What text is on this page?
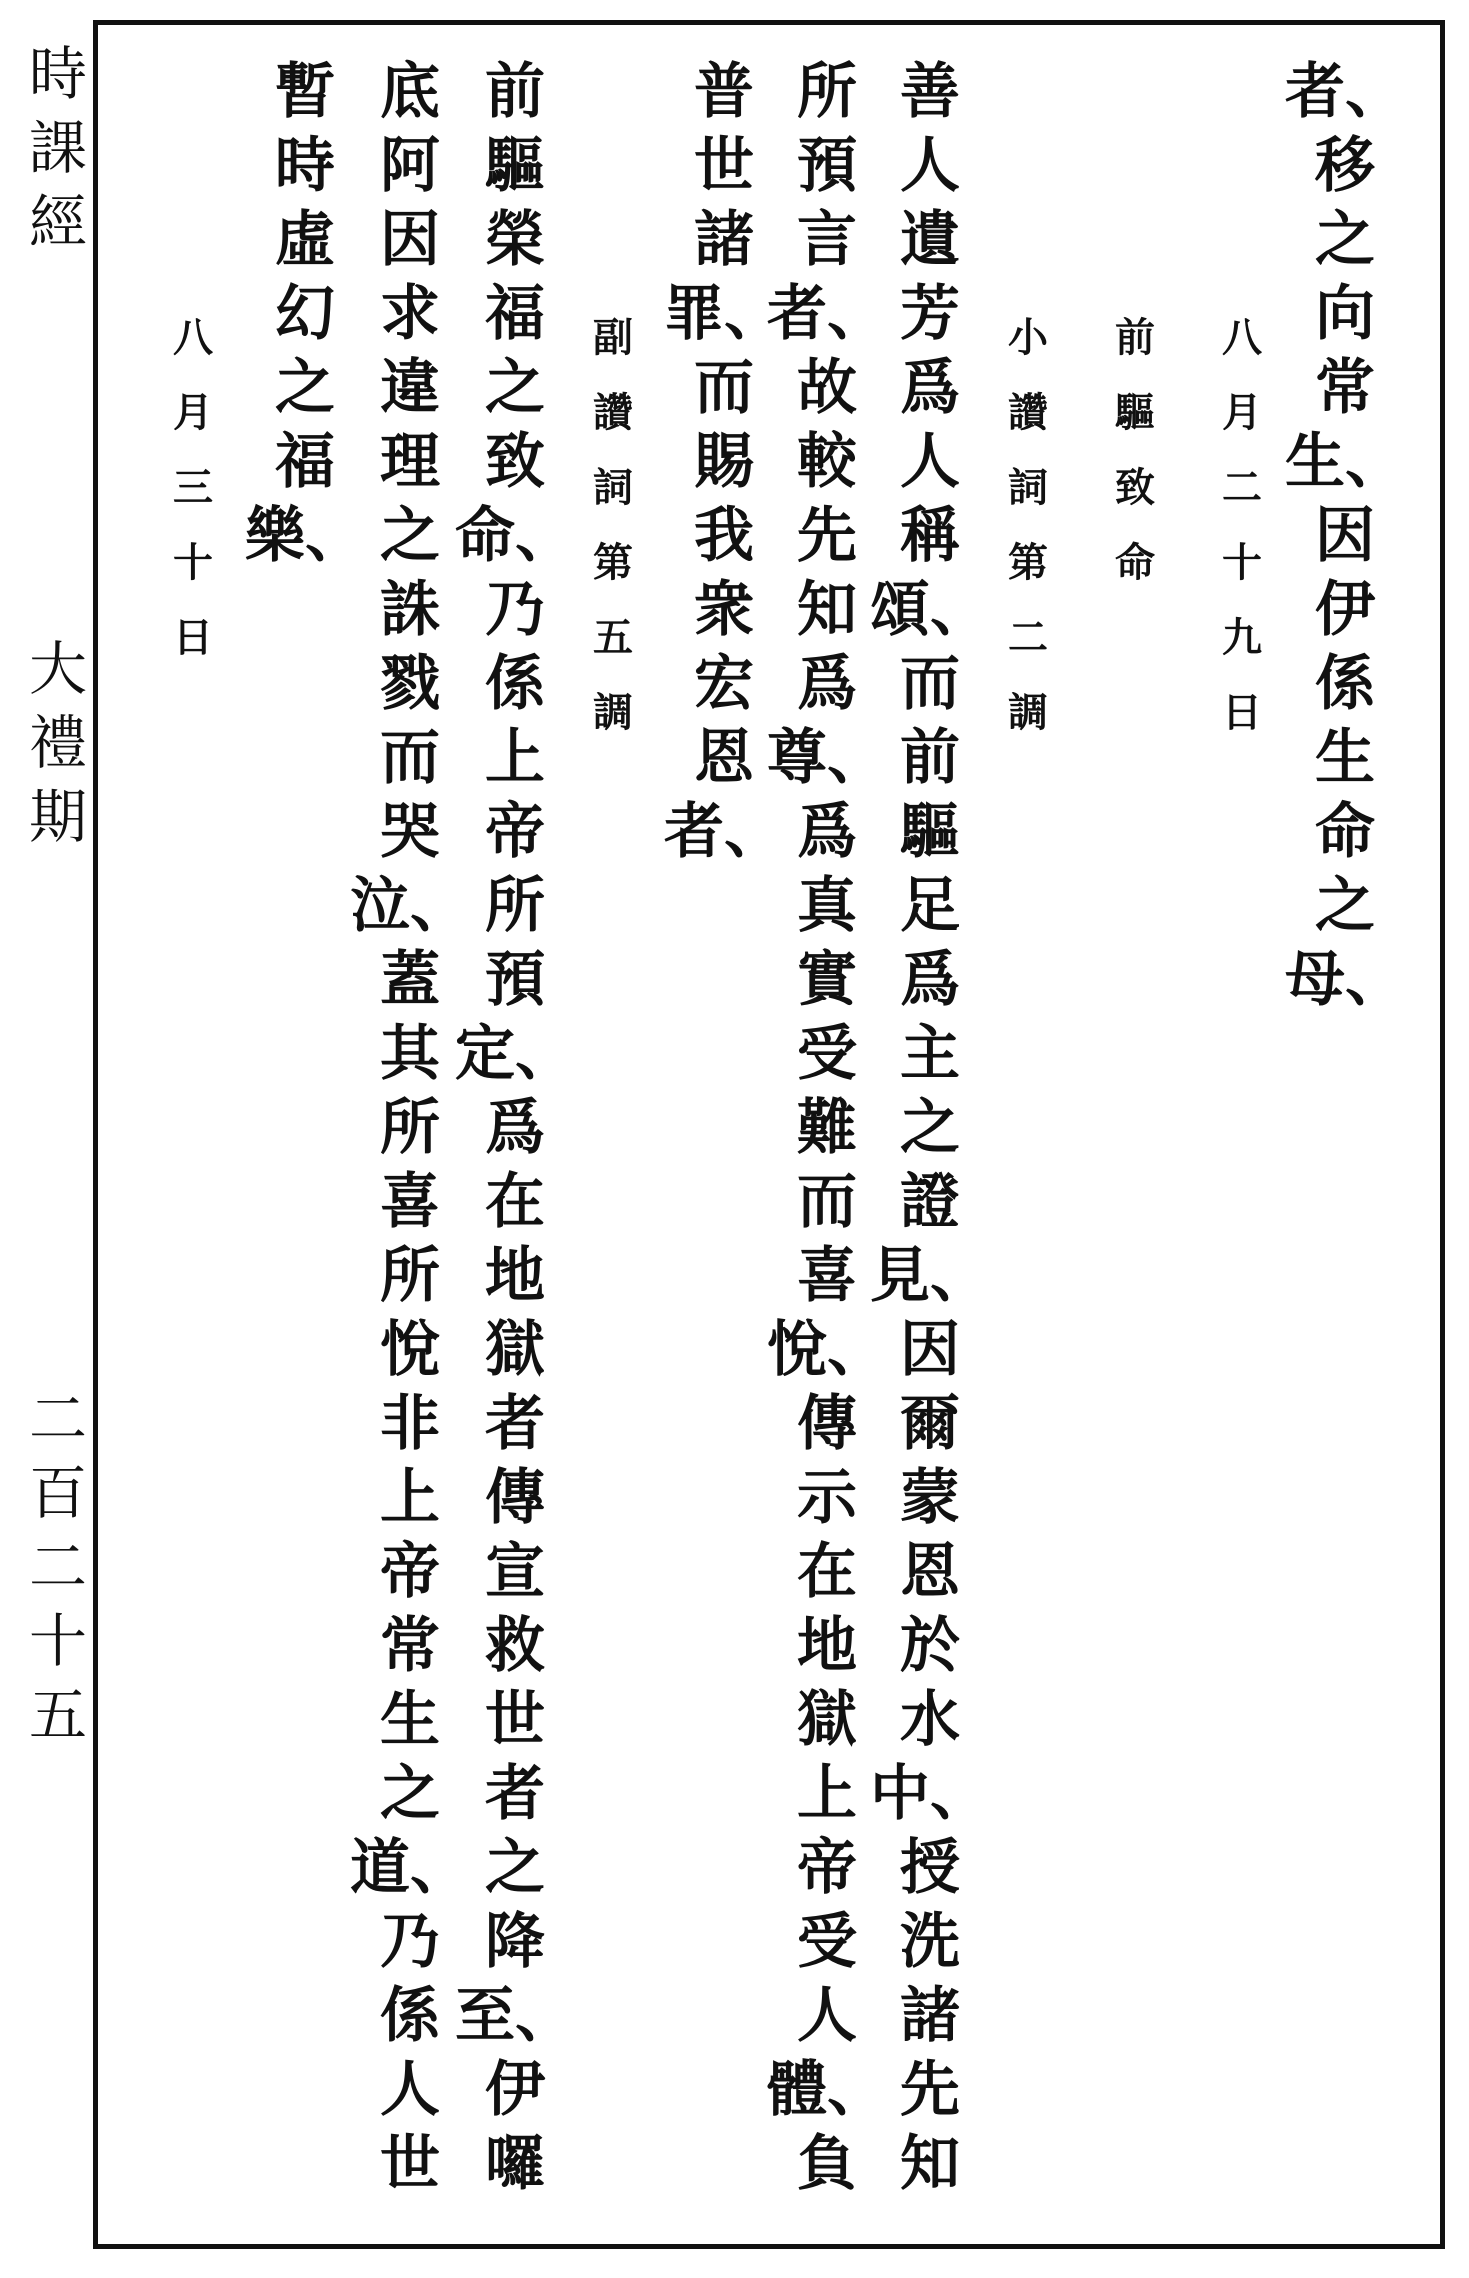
時
課
經
大
禮
期
二
百
二
十
五
者、
移
之
向
常
生、
因
伊
係
生
命
之
母、
八
月
二
十
九
日
前
驅
致
命
小
讚
詞
第
二
調
善
人
遺
芳
爲
人
稱
頌、
而
前
驅
足
爲
主
之
證
見、
因
爾
蒙
恩
於
水
中、
授
洗
諸
先
知
所
預
言
者、
故
較
先
知
爲
尊、
爲
真
實
受
難
而
喜
悅、
傳
示
在
地
獄
上
帝
受
人
體、
負
普
世
諸
罪、
而
賜
我
衆
宏
恩
者、
副
讚
詞
第
五
調
前
驅
榮
福
之
致
命、
乃
係
上
帝
所
預
定、
爲
在
地
獄
者
傳
宣
救
世
者
之
降
至、
伊
囉
底
阿
因
求
違
理
之
誅
戮
而
哭
泣、
蓋
其
所
喜
所
悅
非
上
帝
常
生
之
道、
乃
係
人
世
暫
時
虛
幻
之
福
樂、
八
月
三
十
日
